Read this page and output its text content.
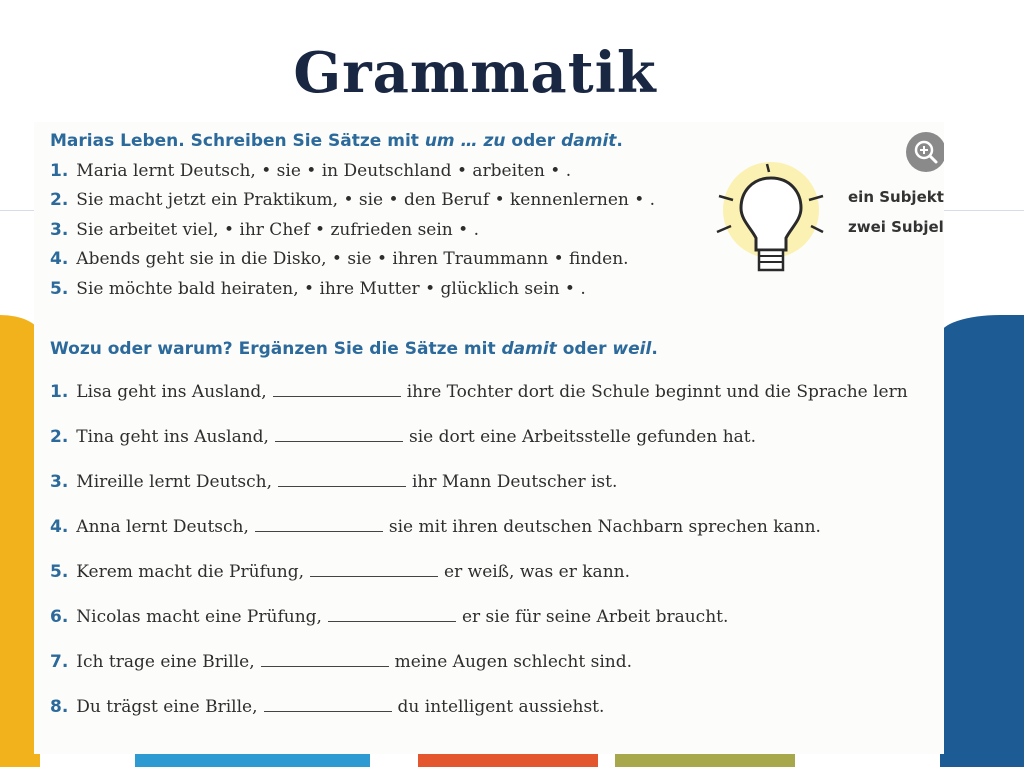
Grammatik
ein Subjekt
zwei Subjel
Marias Leben. Schreiben Sie Sätze mit um … zu oder damit.
1. Maria lernt Deutsch, • sie • in Deutschland • arbeiten • .
2. Sie macht jetzt ein Praktikum, • sie • den Beruf • kennenlernen • .
3. Sie arbeitet viel, • ihr Chef • zufrieden sein • .
4. Abends geht sie in die Disko, • sie • ihren Traummann • finden.
5. Sie möchte bald heiraten, • ihre Mutter • glücklich sein • .
Wozu oder warum? Ergänzen Sie die Sätze mit damit oder weil.
1. Lisa geht ins Ausland,	ihre Tochter dort die Schule beginnt und die Sprache lern
2. Tina geht ins Ausland,	sie dort eine Arbeitsstelle gefunden hat.
3. Mireille lernt Deutsch,	ihr Mann Deutscher ist.
4. Anna lernt Deutsch,	sie mit ihren deutschen Nachbarn sprechen kann.
5. Kerem macht die Prüfung,	er weiß, was er kann.
6. Nicolas macht eine Prüfung,	er sie für seine Arbeit braucht.
7. Ich trage eine Brille,	meine Augen schlecht sind.
8. Du trägst eine Brille,	du intelligent aussiehst.
